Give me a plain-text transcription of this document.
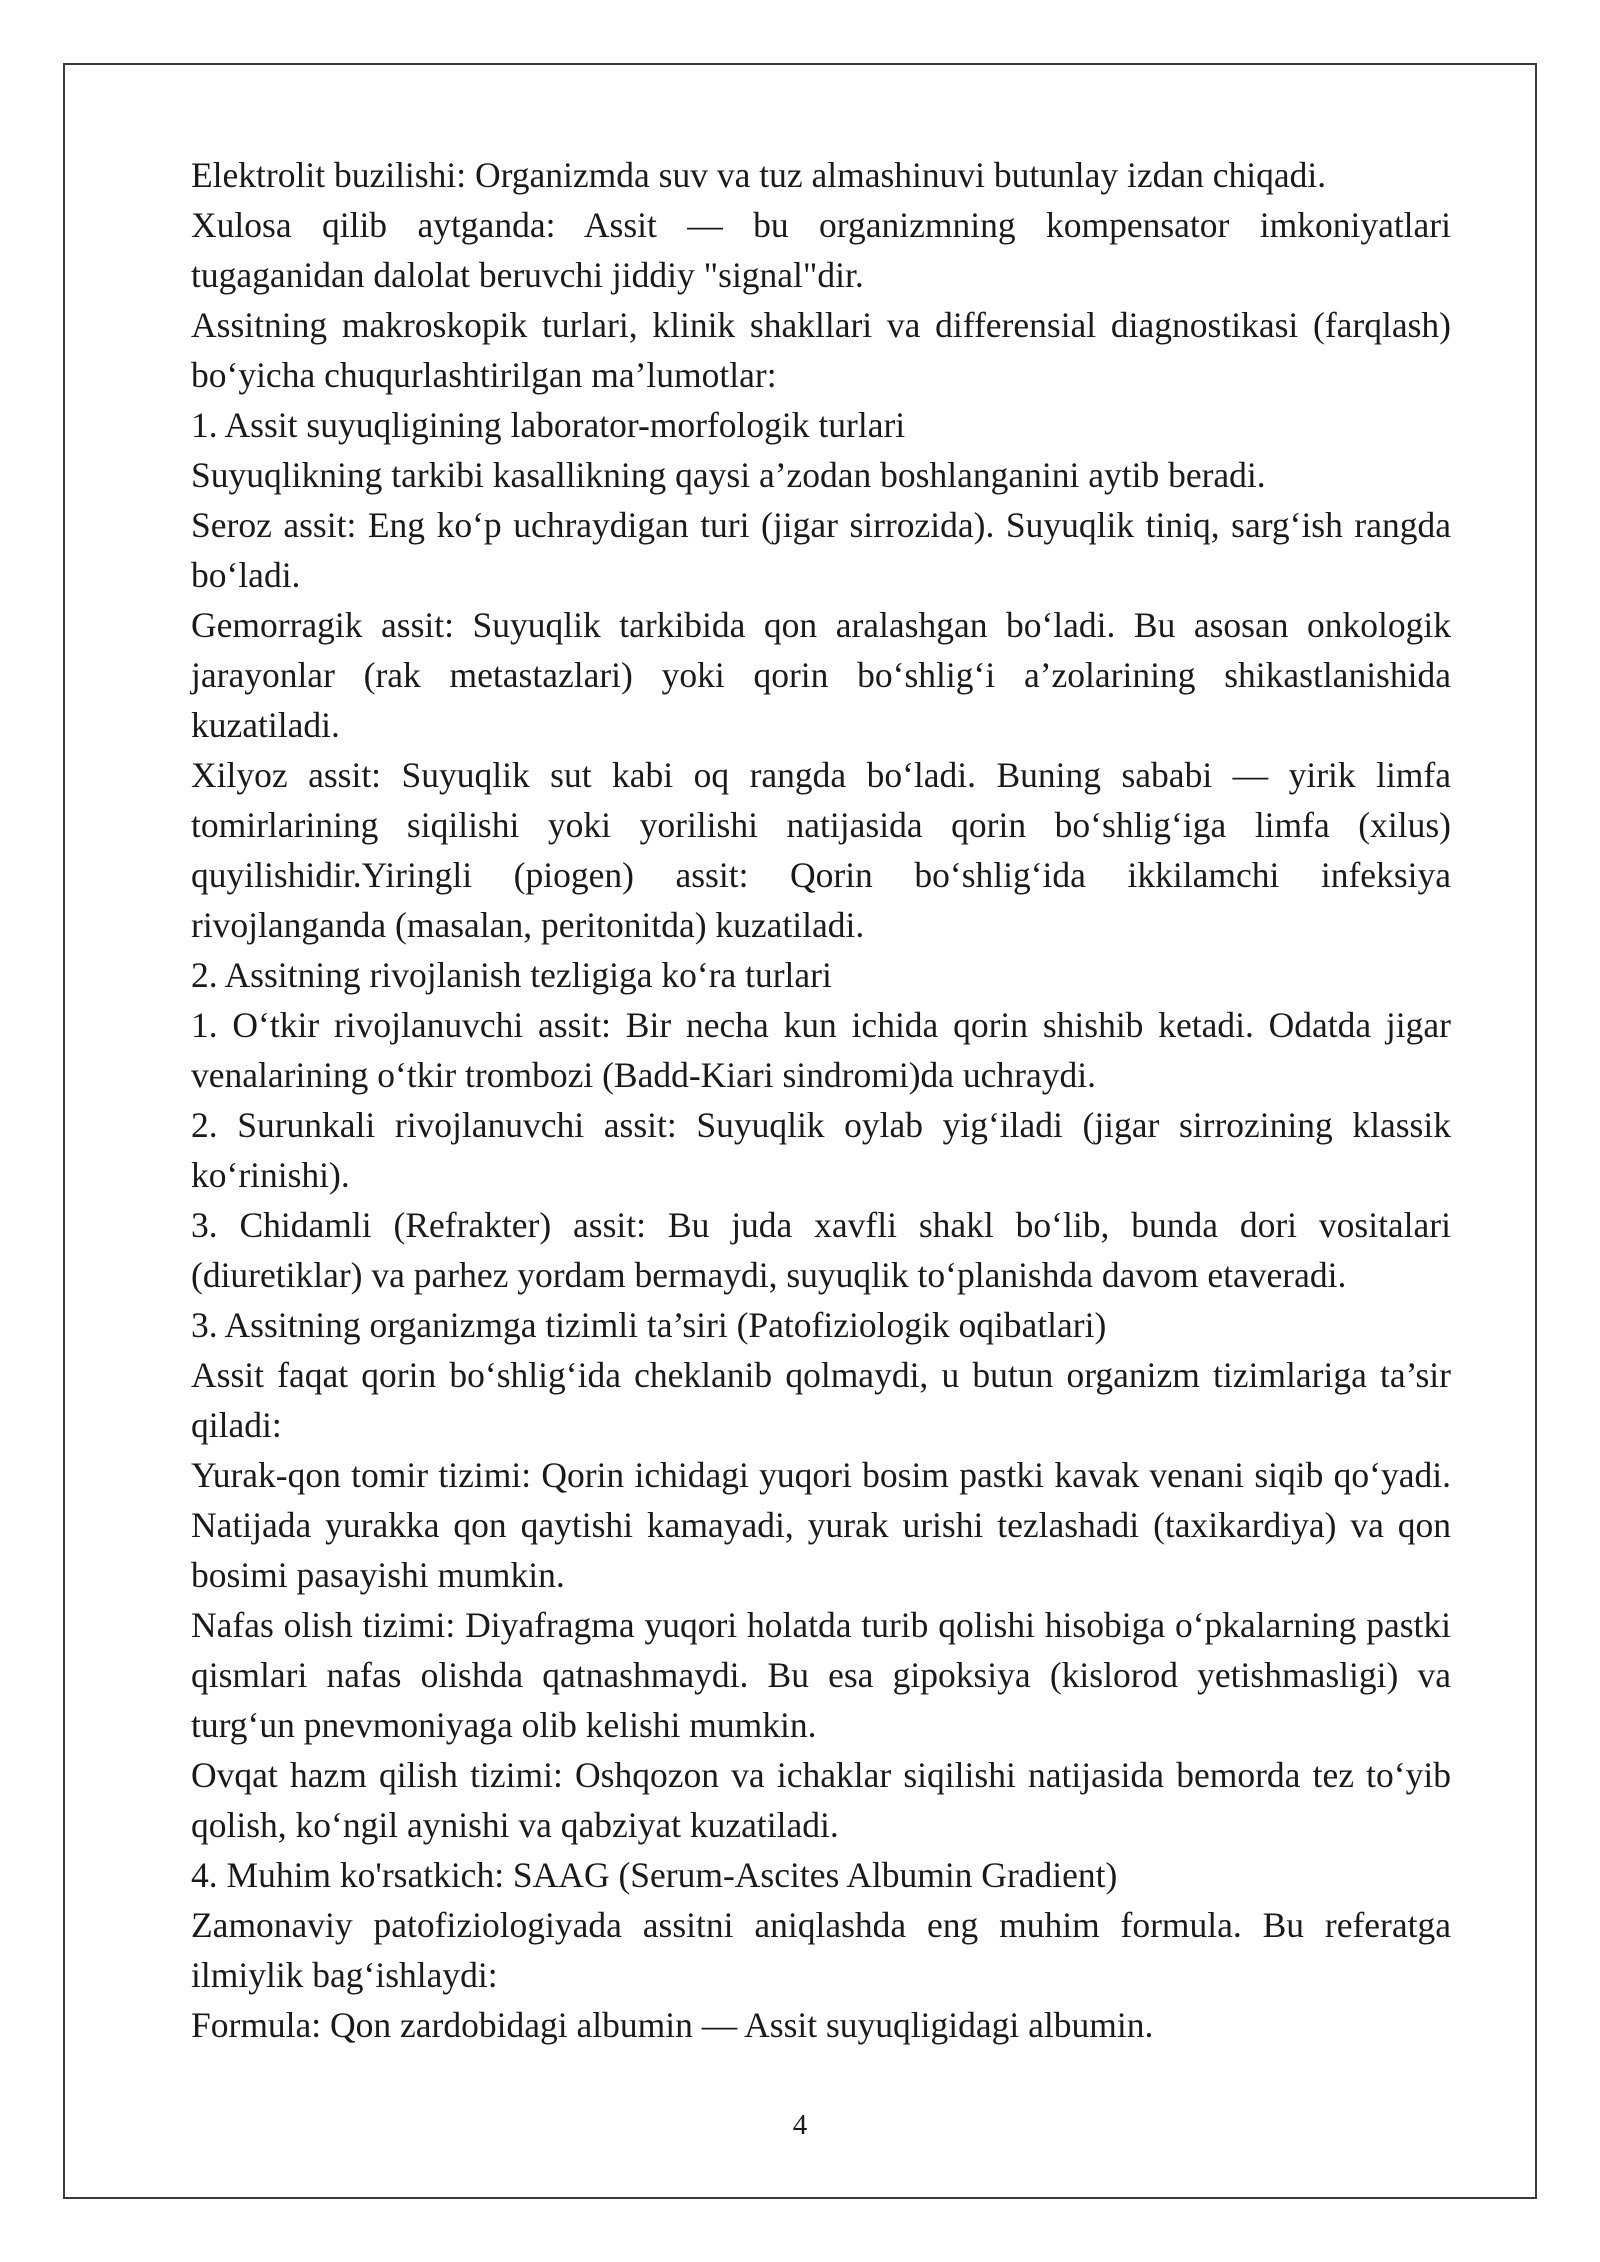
Elektrolit buzilishi: Organizmda suv va tuz almashinuvi butunlay izdan chiqadi.

Xulosa qilib aytganda: Assit — bu organizmning kompensator imkoniyatlari tugaganidan dalolat beruvchi jiddiy "signal"dir.

Assitning makroskopik turlari, klinik shakllari va differensial diagnostikasi (farqlash) bo‘yicha chuqurlashtirilgan ma’lumotlar:

1. Assit suyuqligining laborator-morfologik turlari

Suyuqlikning tarkibi kasallikning qaysi a’zodan boshlanganini aytib beradi.

Seroz assit: Eng ko‘p uchraydigan turi (jigar sirrozida). Suyuqlik tiniq, sarg‘ish rangda bo‘ladi.

Gemorragik assit: Suyuqlik tarkibida qon aralashgan bo‘ladi. Bu asosan onkologik jarayonlar (rak metastazlari) yoki qorin bo‘shlig‘i a’zolarining shikastlanishida kuzatiladi.

Xilyoz assit: Suyuqlik sut kabi oq rangda bo‘ladi. Buning sababi — yirik limfa tomirlarining siqilishi yoki yorilishi natijasida qorin bo‘shlig‘iga limfa (xilus) quyilishidir.Yiringli (piogen) assit: Qorin bo‘shlig‘ida ikkilamchi infeksiya rivojlanganda (masalan, peritonitda) kuzatiladi.

2. Assitning rivojlanish tezligiga ko‘ra turlari

1. O‘tkir rivojlanuvchi assit: Bir necha kun ichida qorin shishib ketadi. Odatda jigar venalarining o‘tkir trombozi (Badd-Kiari sindromi)da uchraydi.

2. Surunkali rivojlanuvchi assit: Suyuqlik oylab yig‘iladi (jigar sirrozining klassik ko‘rinishi).

3. Chidamli (Refrakter) assit: Bu juda xavfli shakl bo‘lib, bunda dori vositalari (diuretiklar) va parhez yordam bermaydi, suyuqlik to‘planishda davom etaveradi.

3. Assitning organizmga tizimli ta’siri (Patofiziologik oqibatlari)

Assit faqat qorin bo‘shlig‘ida cheklanib qolmaydi, u butun organizm tizimlariga ta’sir qiladi:

Yurak-qon tomir tizimi: Qorin ichidagi yuqori bosim pastki kavak venani siqib qo‘yadi. Natijada yurakka qon qaytishi kamayadi, yurak urishi tezlashadi (taxikardiya) va qon bosimi pasayishi mumkin.

Nafas olish tizimi: Diyafragma yuqori holatda turib qolishi hisobiga o‘pkalarning pastki qismlari nafas olishda qatnashmaydi. Bu esa gipoksiya (kislorod yetishmasligi) va turg‘un pnevmoniyaga olib kelishi mumkin.

Ovqat hazm qilish tizimi: Oshqozon va ichaklar siqilishi natijasida bemorda tez to‘yib qolish, ko‘ngil aynishi va qabziyat kuzatiladi.

4. Muhim ko'rsatkich: SAAG (Serum-Ascites Albumin Gradient)

Zamonaviy patofiziologiyada assitni aniqlashda eng muhim formula. Bu referatga ilmiylik bag‘ishlaydi:

Formula: Qon zardobidagi albumin — Assit suyuqligidagi albumin.

4
